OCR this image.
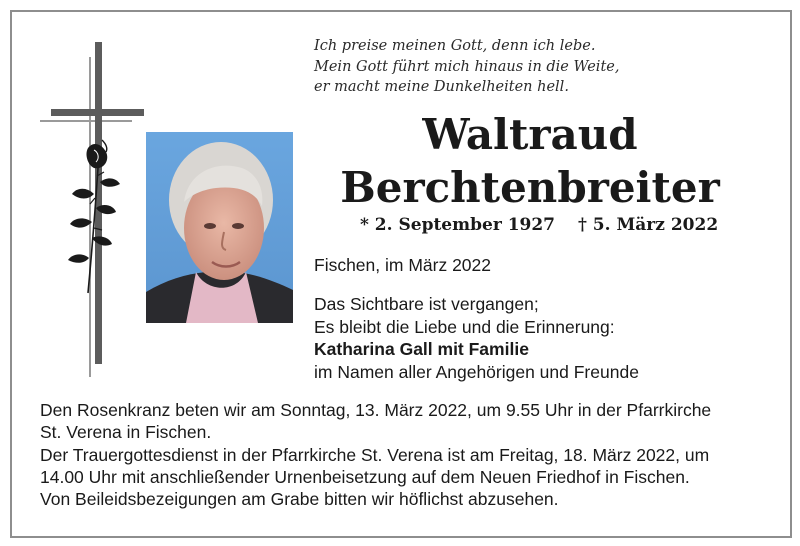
Ich preise meinen Gott, denn ich lebe.
Mein Gott führt mich hinaus in die Weite,
er macht meine Dunkelheiten hell.
Waltraud
Berchtenbreiter
* 2. September 1927 † 5. März 2022
Fischen, im März 2022
Das Sichtbare ist vergangen;
Es bleibt die Liebe und die Erinnerung:
Katharina Gall mit Familie
im Namen aller Angehörigen und Freunde
Den Rosenkranz beten wir am Sonntag, 13. März 2022, um 9.55 Uhr in der Pfarrkirche
St. Verena in Fischen.
Der Trauergottesdienst in der Pfarrkirche St. Verena ist am Freitag, 18. März 2022, um
14.00 Uhr mit anschließender Urnenbeisetzung auf dem Neuen Friedhof in Fischen.
Von Beileidsbezeigungen am Grabe bitten wir höflichst abzusehen.
